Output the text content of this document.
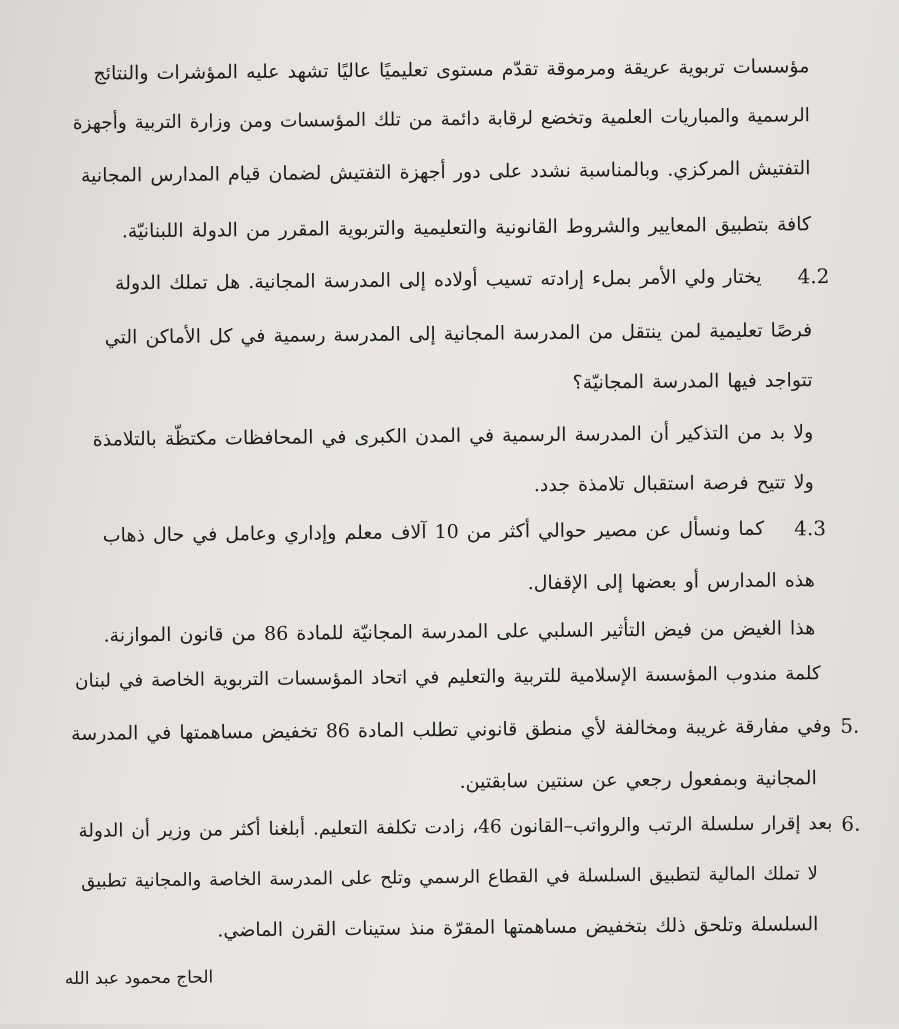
مؤسسات تربوية عريقة ومرموقة تقدّم مستوى تعليميًا عاليًا تشهد عليه المؤشرات والنتائج
الرسمية والمباريات العلمية وتخضع لرقابة دائمة من تلك المؤسسات ومن وزارة التربية وأجهزة
التفتيش المركزي. وبالمناسبة نشدد على دور أجهزة التفتيش لضمان قيام المدارس المجانية
كافة بتطبيق المعايير والشروط القانونية والتعليمية والتربوية المقرر من الدولة اللبنانيّة.
4.2
يختار ولي الأمر بملء إرادته تسيب أولاده إلى المدرسة المجانية. هل تملك الدولة
فرصًا تعليمية لمن ينتقل من المدرسة المجانية إلى المدرسة رسمية في كل الأماكن التي
تتواجد فيها المدرسة المجانيّة؟
ولا بد من التذكير أن المدرسة الرسمية في المدن الكبرى في المحافظات مكتظّة بالتلامذة
ولا تتيح فرصة استقبال تلامذة جدد.
4.3
كما ونسأل عن مصير حوالي أكثر من 10 آلاف معلم وإداري وعامل في حال ذهاب
هذه المدارس أو بعضها إلى الإقفال.
هذا الغيض من فيض التأثير السلبي على المدرسة المجانيّة للمادة 86 من قانون الموازنة.
كلمة مندوب المؤسسة الإسلامية للتربية والتعليم في اتحاد المؤسسات التربوية الخاصة في لبنان
5.
وفي مفارقة غريبة ومخالفة لأي منطق قانوني تطلب المادة 86 تخفيض مساهمتها في المدرسة
المجانية وبمفعول رجعي عن سنتين سابقتين.
6.
بعد إقرار سلسلة الرتب والرواتب–القانون 46، زادت تكلفة التعليم. أبلغنا أكثر من وزير أن الدولة
لا تملك المالية لتطبيق السلسلة في القطاع الرسمي وتلح على المدرسة الخاصة والمجانية تطبيق
السلسلة وتلحق ذلك بتخفيض مساهمتها المقرّة منذ ستينات القرن الماضي.
الحاج محمود عبد الله
